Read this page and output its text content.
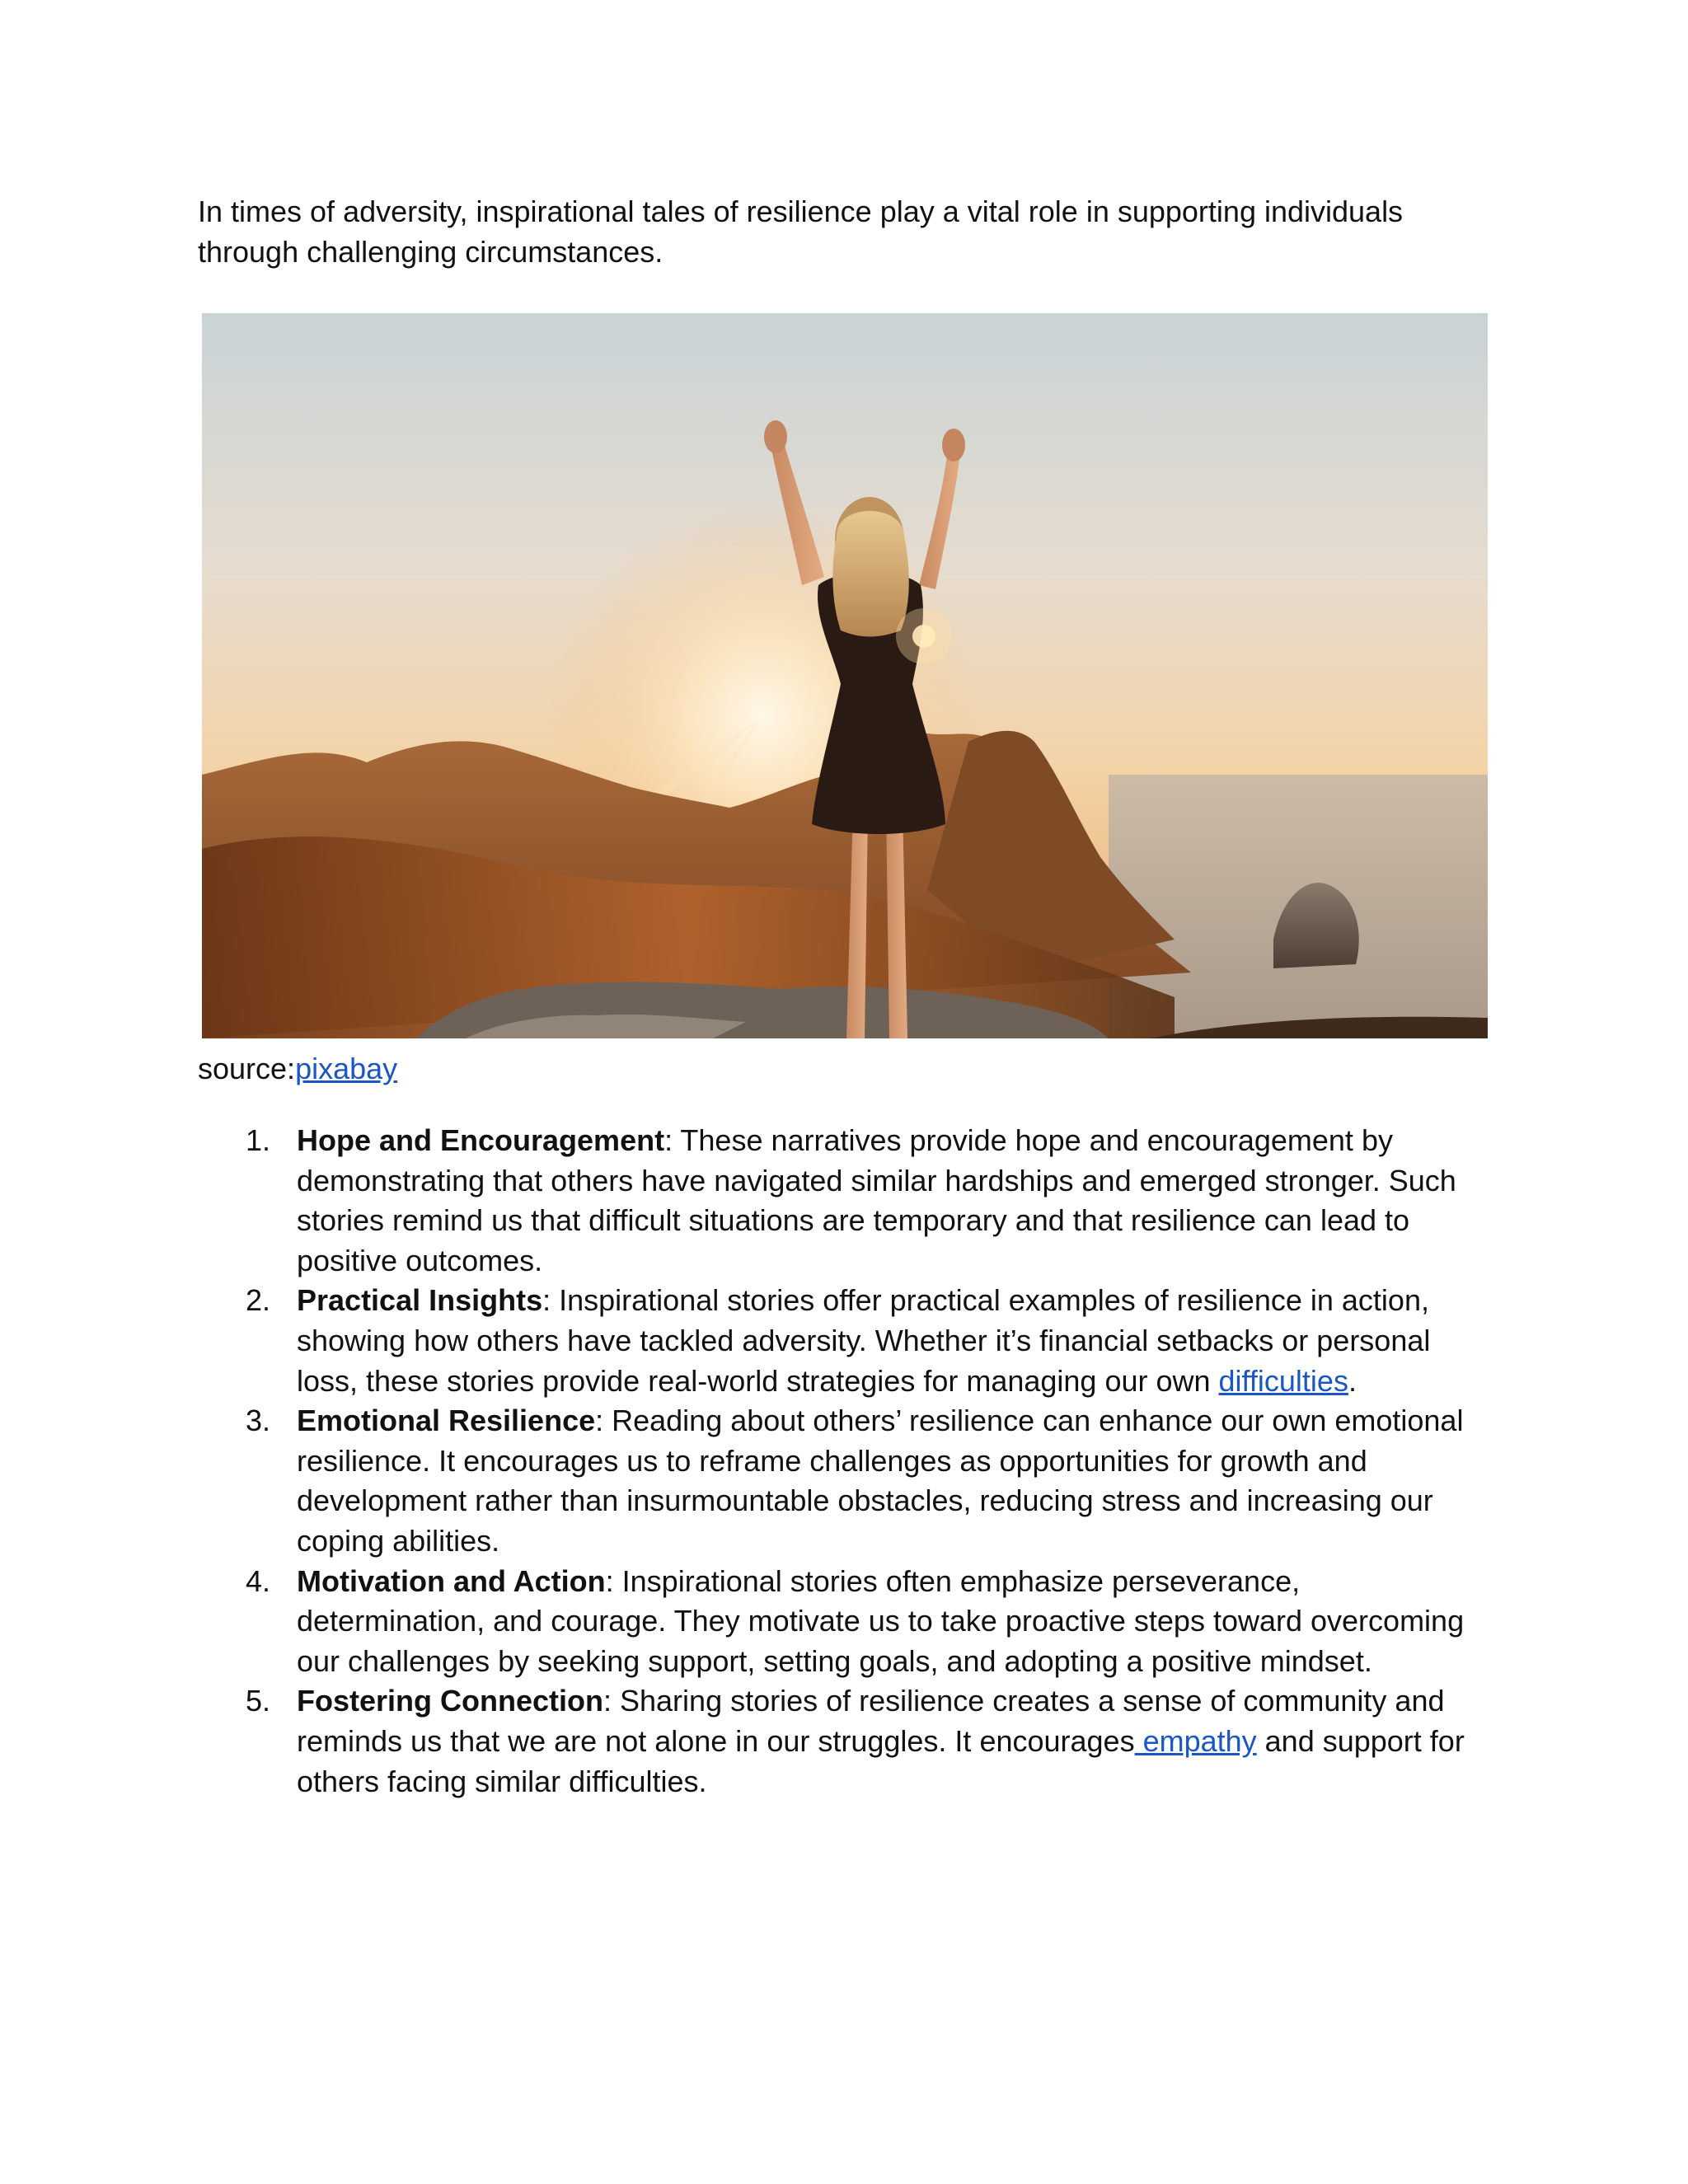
In times of adversity, inspirational tales of resilience play a vital role in supporting individuals through challenging circumstances.

source:pixabay

1. Hope and Encouragement: These narratives provide hope and encouragement by demonstrating that others have navigated similar hardships and emerged stronger. Such stories remind us that difficult situations are temporary and that resilience can lead to positive outcomes.
2. Practical Insights: Inspirational stories offer practical examples of resilience in action, showing how others have tackled adversity. Whether it’s financial setbacks or personal loss, these stories provide real-world strategies for managing our own difficulties.
3. Emotional Resilience: Reading about others’ resilience can enhance our own emotional resilience. It encourages us to reframe challenges as opportunities for growth and development rather than insurmountable obstacles, reducing stress and increasing our coping abilities.
4. Motivation and Action: Inspirational stories often emphasize perseverance, determination, and courage. They motivate us to take proactive steps toward overcoming our challenges by seeking support, setting goals, and adopting a positive mindset.
5. Fostering Connection: Sharing stories of resilience creates a sense of community and reminds us that we are not alone in our struggles. It encourages empathy and support for others facing similar difficulties.
